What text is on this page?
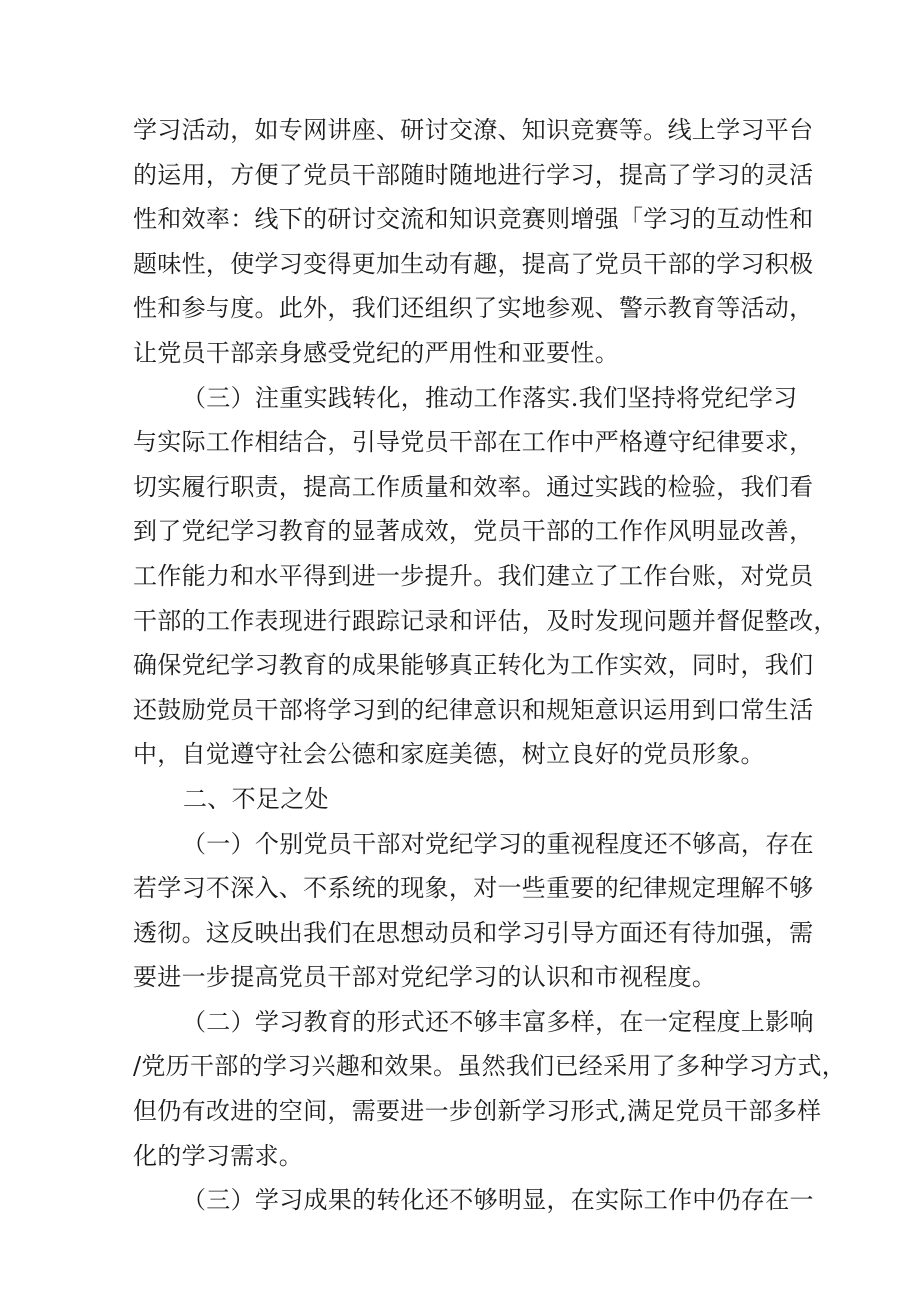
学习活动，如专网讲座、研讨交潦、知识竞赛等。线上学习平台
的运用，方便了党员干部随时随地进行学习，提高了学习的灵活
性和效率：线下的研讨交流和知识竞赛则增强「学习的互动性和
题味性，使学习变得更加生动有趣，提高了党员干部的学习积极
性和参与度。此外，我们还组织了实地参观、警示教育等活动，
让党员干部亲身感受党纪的严用性和亚要性。
（三）注重实践转化，推动工作落实.我们坚持将党纪学习
与实际工作相结合，引导党员干部在工作中严格遵守纪律要求，
切实履行职责，提高工作质量和效率。通过实践的检验，我们看
到了党纪学习教育的显著成效，党员干部的工作作风明显改善，
工作能力和水平得到进一步提升。我们建立了工作台账，对党员
干部的工作表现进行跟踪记录和评估，及时发现问题并督促整改，
确保党纪学习教育的成果能够真正转化为工作实效，同时，我们
还鼓励党员干部将学习到的纪律意识和规矩意识运用到口常生活
中，自觉遵守社会公德和家庭美德，树立良好的党员形象。
二、不足之处
（一）个别党员干部对党纪学习的重视程度还不够高，存在
若学习不深入、不系统的现象，对一些重要的纪律规定理解不够
透彻。这反映出我们在思想动员和学习引导方面还有待加强，需
要进一步提高党员干部对党纪学习的认识和市视程度。
（二）学习教育的形式还不够丰富多样，在一定程度上影响
/党历干部的学习兴趣和效果。虽然我们已经采用了多种学习方式，
但仍有改进的空间，需要进一步创新学习形式,满足党员干部多样
化的学习需求。
（三）学习成果的转化还不够明显，在实际工作中仍存在一
